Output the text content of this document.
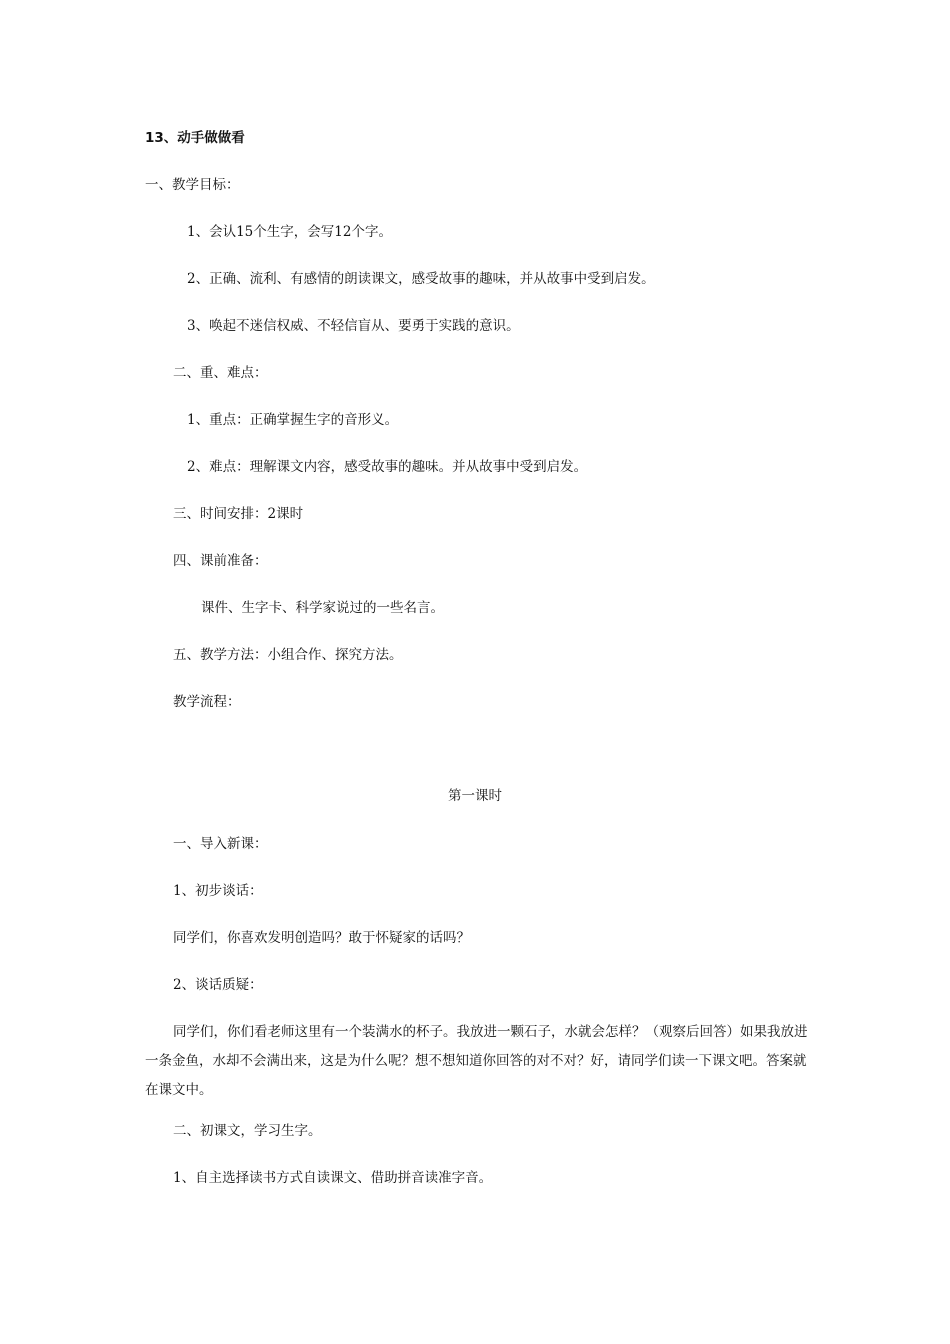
13、动手做做看
一、教学目标：
1、会认15个生字，会写12个字。
2、正确、流利、有感情的朗读课文，感受故事的趣味，并从故事中受到启发。
3、唤起不迷信权威、不轻信盲从、要勇于实践的意识。
二、重、难点：
1、重点：正确掌握生字的音形义。
2、难点：理解课文内容，感受故事的趣味。并从故事中受到启发。
三、时间安排：2课时
四、课前准备：
课件、生字卡、科学家说过的一些名言。
五、教学方法：小组合作、探究方法。
教学流程：
第一课时
一、导入新课：
1、初步谈话：
同学们，你喜欢发明创造吗？敢于怀疑家的话吗？
2、谈话质疑：
同学们，你们看老师这里有一个装满水的杯子。我放进一颗石子，水就会怎样？（观察后回答）如果我放进一条金鱼，水却不会满出来，这是为什么呢？想不想知道你回答的对不对？好，请同学们读一下课文吧。答案就在课文中。
二、初课文，学习生字。
1、自主选择读书方式自读课文、借助拼音读准字音。
